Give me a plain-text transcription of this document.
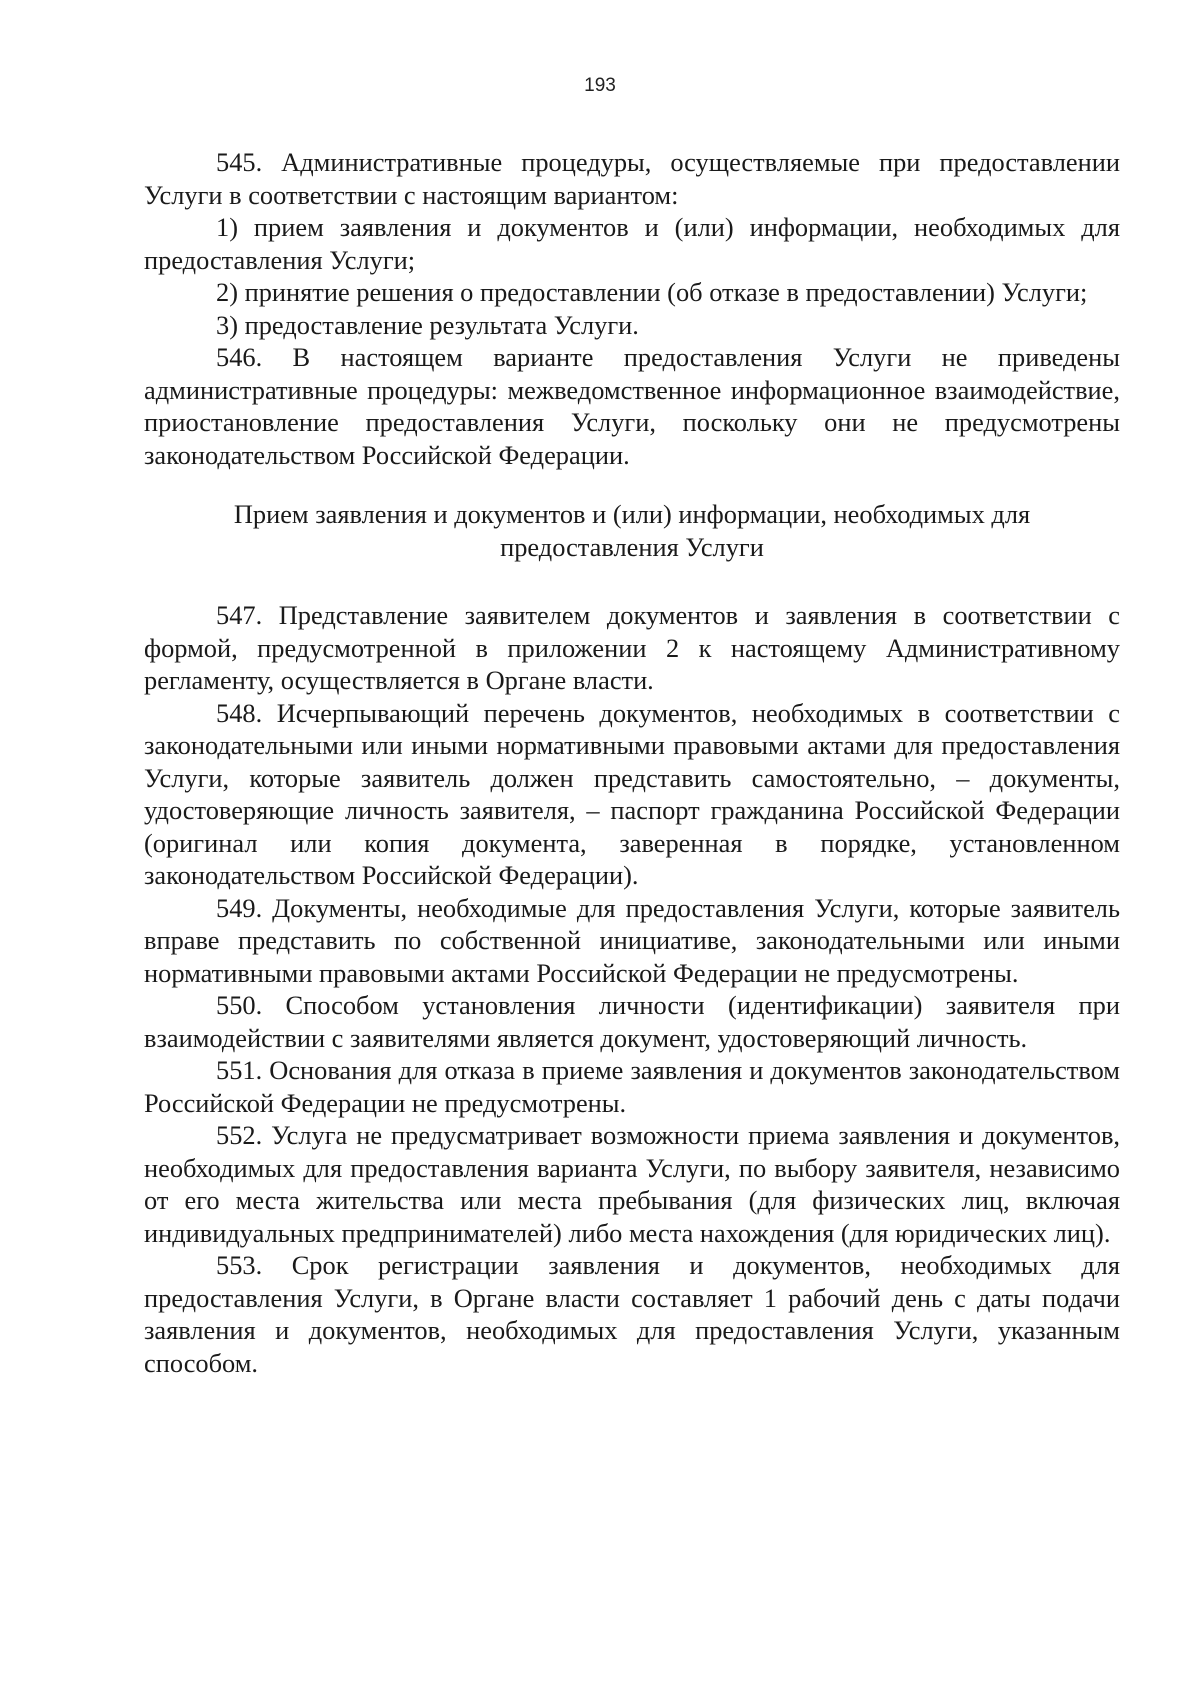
193

545. Административные процедуры, осуществляемые при предоставлении Услуги в соответствии с настоящим вариантом:

1) прием заявления и документов и (или) информации, необходимых для предоставления Услуги;

2) принятие решения о предоставлении (об отказе в предоставлении) Услуги;

3) предоставление результата Услуги.

546. В настоящем варианте предоставления Услуги не приведены административные процедуры: межведомственное информационное взаимодействие, приостановление предоставления Услуги, поскольку они не предусмотрены законодательством Российской Федерации.

Прием заявления и документов и (или) информации, необходимых для
предоставления Услуги

547. Представление заявителем документов и заявления в соответствии с формой, предусмотренной в приложении 2 к настоящему Административному регламенту, осуществляется в Органе власти.

548. Исчерпывающий перечень документов, необходимых в соответствии с законодательными или иными нормативными правовыми актами для предоставления Услуги, которые заявитель должен представить самостоятельно, – документы, удостоверяющие личность заявителя, – паспорт гражданина Российской Федерации (оригинал или копия документа, заверенная в порядке, установленном законодательством Российской Федерации).

549. Документы, необходимые для предоставления Услуги, которые заявитель вправе представить по собственной инициативе, законодательными или иными нормативными правовыми актами Российской Федерации не предусмотрены.

550. Способом установления личности (идентификации) заявителя при взаимодействии с заявителями является документ, удостоверяющий личность.

551. Основания для отказа в приеме заявления и документов законодательством Российской Федерации не предусмотрены.

552. Услуга не предусматривает возможности приема заявления и документов, необходимых для предоставления варианта Услуги, по выбору заявителя, независимо от его места жительства или места пребывания (для физических лиц, включая индивидуальных предпринимателей) либо места нахождения (для юридических лиц).

553. Срок регистрации заявления и документов, необходимых для предоставления Услуги, в Органе власти составляет 1 рабочий день с даты подачи заявления и документов, необходимых для предоставления Услуги, указанным способом.
